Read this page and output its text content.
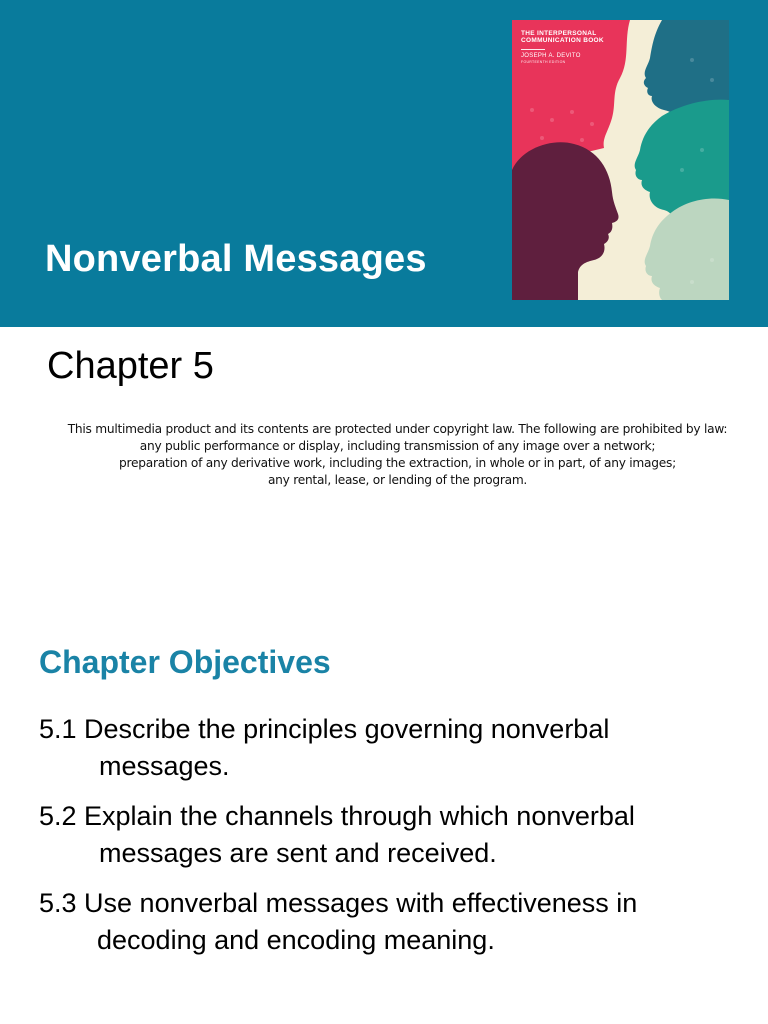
Nonverbal Messages
THE INTERPERSONAL COMMUNICATION BOOK
JOSEPH A. DEVITO
FOURTEENTH EDITION
Chapter 5
This multimedia product and its contents are protected under copyright law. The following are prohibited by law:
any public performance or display, including transmission of any image over a network;
preparation of any derivative work, including the extraction, in whole or in part, of any images;
any rental, lease, or lending of the program.
Chapter Objectives
5.1 Describe the principles governing nonverbal
messages.
5.2 Explain the channels through which nonverbal
messages are sent and received.
5.3 Use nonverbal messages with effectiveness in
decoding and encoding meaning.
